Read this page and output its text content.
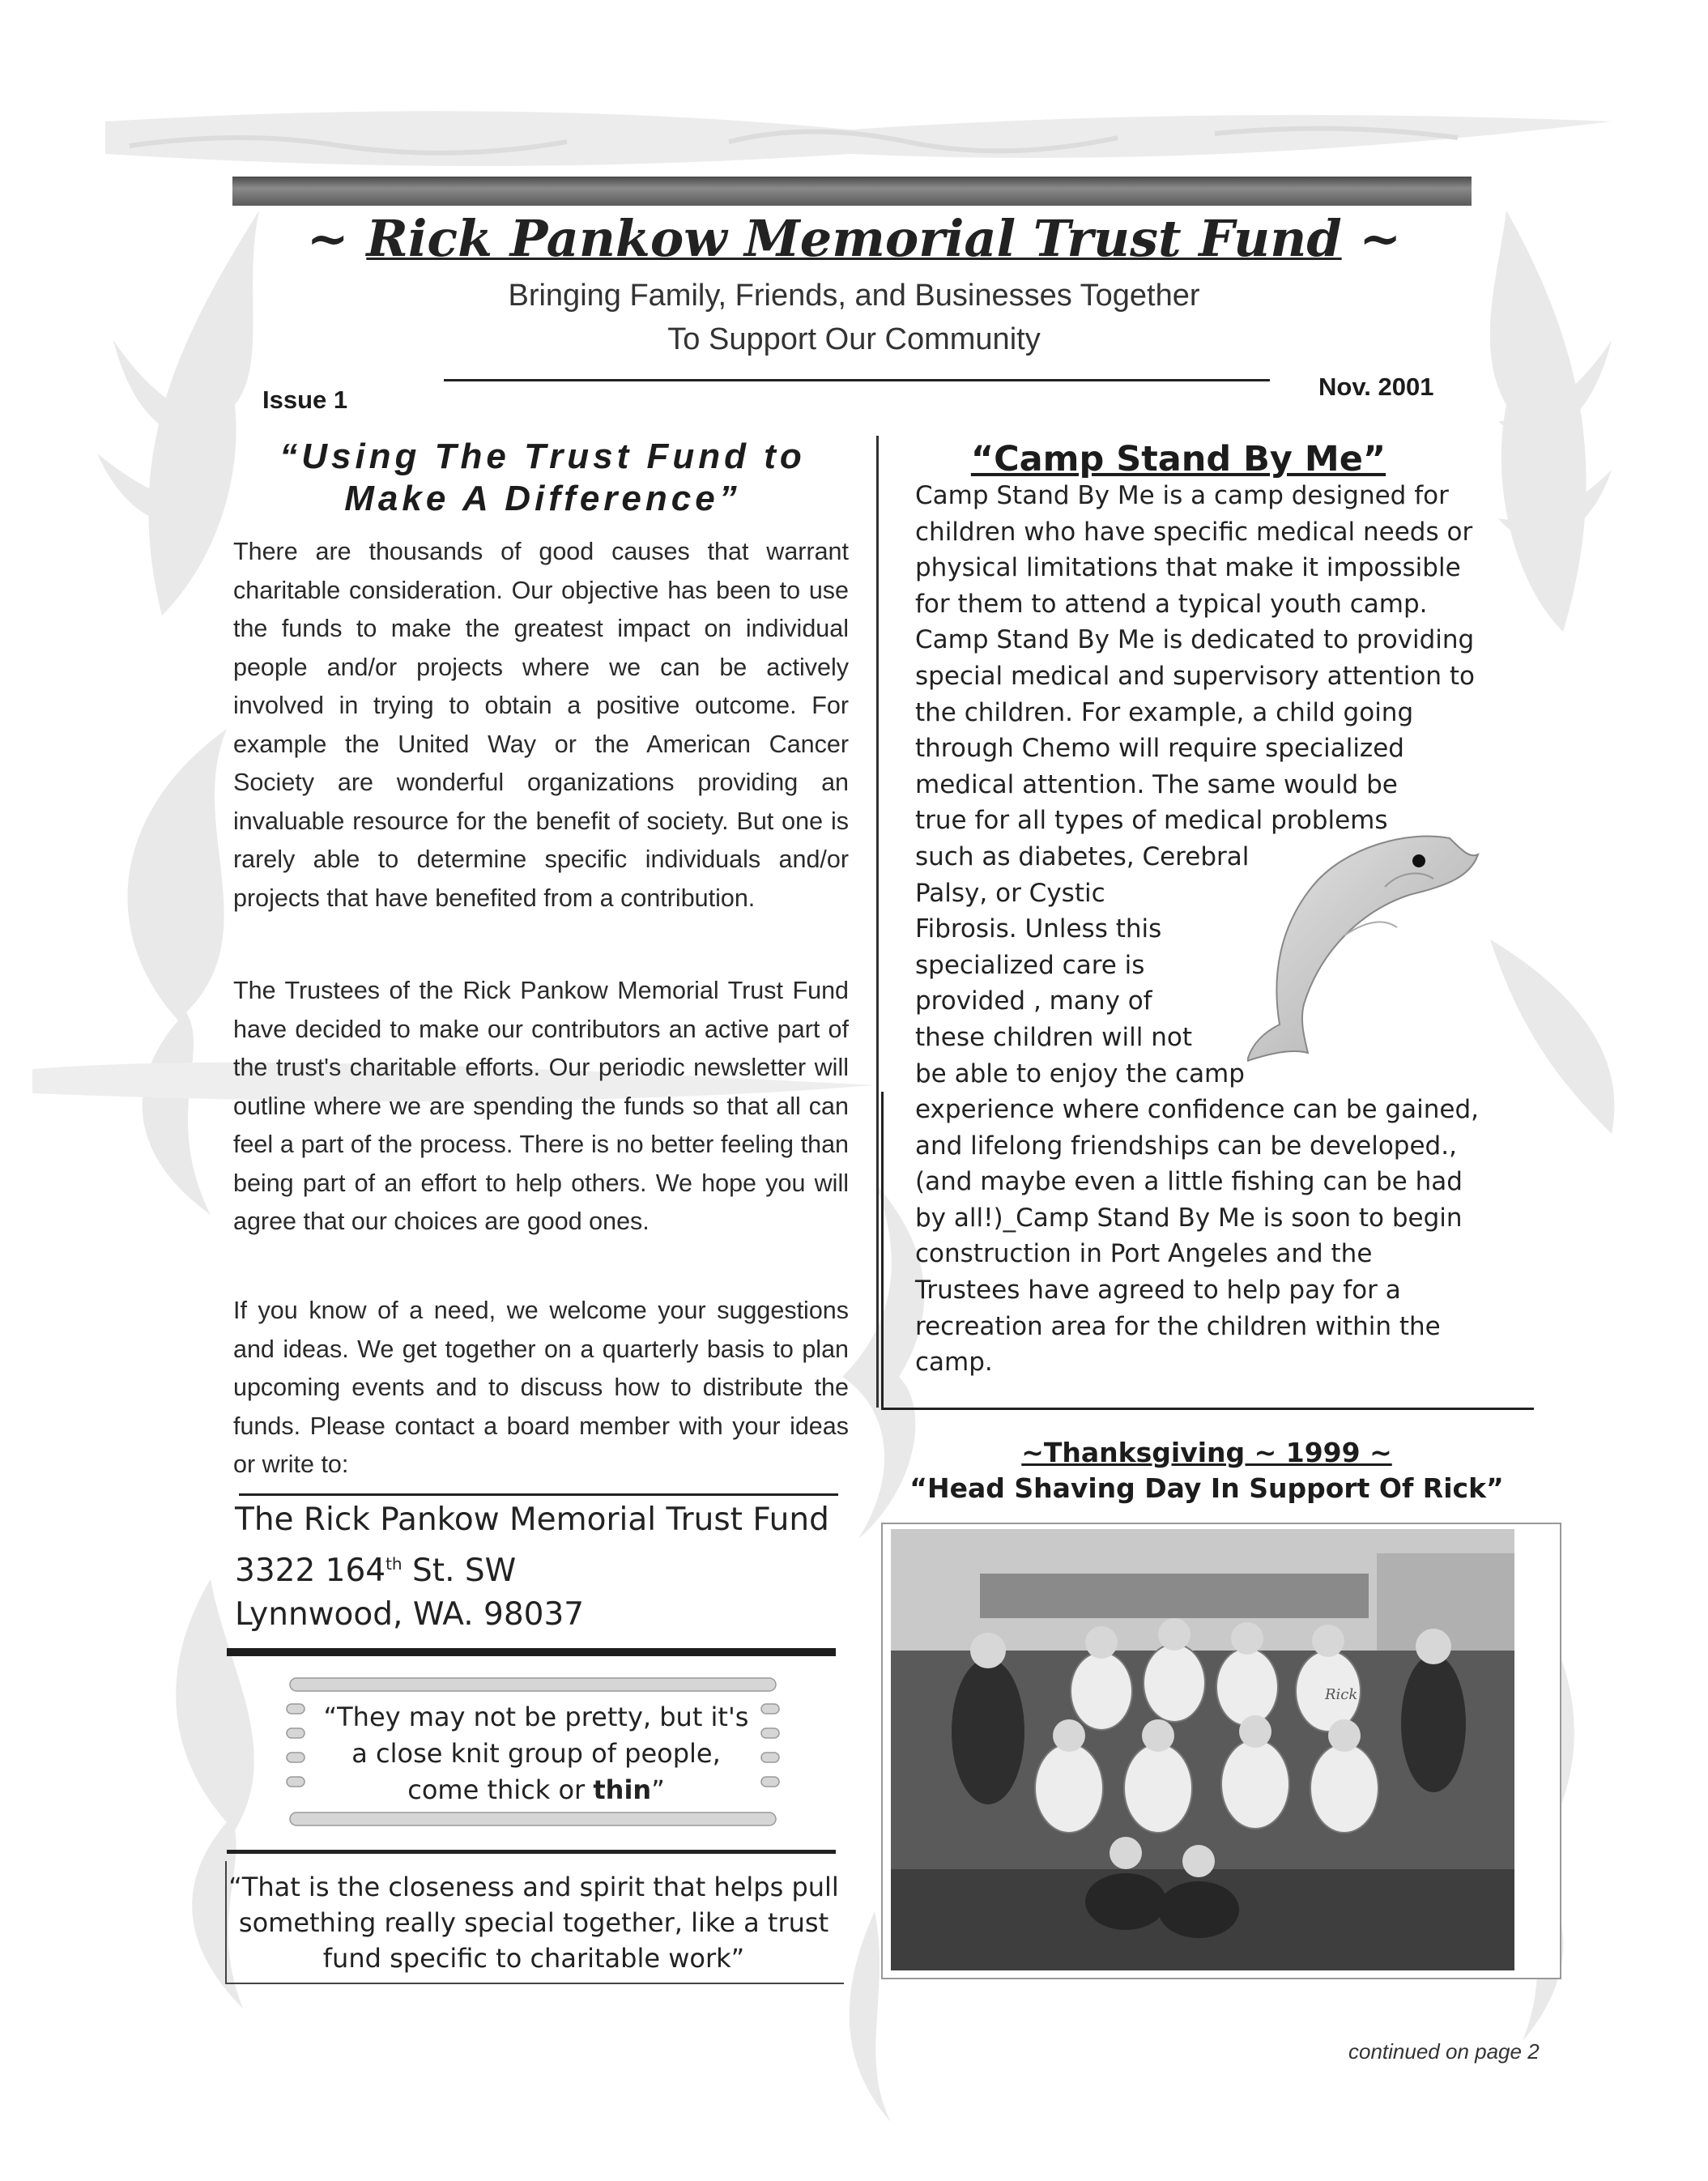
~ Rick Pankow Memorial Trust Fund ~
Bringing Family, Friends, and Businesses Together
To Support Our Community
Issue 1	Nov. 2001
“Using The Trust Fund to Make A Difference”
There are thousands of good causes that warrant charitable consideration. Our objective has been to use the funds to make the greatest impact on individual people and/or projects where we can be actively involved in trying to obtain a positive outcome. For example the United Way or the American Cancer Society are wonderful organizations providing an invaluable resource for the benefit of society. But one is rarely able to determine specific individuals and/or projects that have benefited from a contribution.
The Trustees of the Rick Pankow Memorial Trust Fund have decided to make our contributors an active part of the trust's charitable efforts. Our periodic newsletter will outline where we are spending the funds so that all can feel a part of the process. There is no better feeling than being part of an effort to help others. We hope you will agree that our choices are good ones.
If you know of a need, we welcome your suggestions and ideas. We get together on a quarterly basis to plan upcoming events and to discuss how to distribute the funds. Please contact a board member with your ideas or write to:
The Rick Pankow Memorial Trust Fund
3322 164th St. SW
Lynnwood, WA. 98037
“They may not be pretty, but it's a close knit group of people, come thick or thin”
“That is the closeness and spirit that helps pull something really special together, like a trust fund specific to charitable work”
“Camp Stand By Me”
Camp Stand By Me is a camp designed for
children who have specific medical needs or
physical limitations that make it impossible
for them to attend a typical youth camp.
Camp Stand By Me is dedicated to providing
special medical and supervisory attention to
the children. For example, a child going
through Chemo will require specialized
medical attention. The same would be
true for all types of medical problems
such as diabetes, Cerebral
Palsy, or Cystic
Fibrosis. Unless this
specialized care is
provided , many of
these children will not
be able to enjoy the camp
experience where confidence can be gained,
and lifelong friendships can be developed.,
(and maybe even a little fishing can be had
by all!)_Camp Stand By Me is soon to begin
construction in Port Angeles and the
Trustees have agreed to help pay for a
recreation area for the children within the
camp.
~Thanksgiving ~ 1999 ~
“Head Shaving Day In Support Of Rick”
Rick
continued on page 2
